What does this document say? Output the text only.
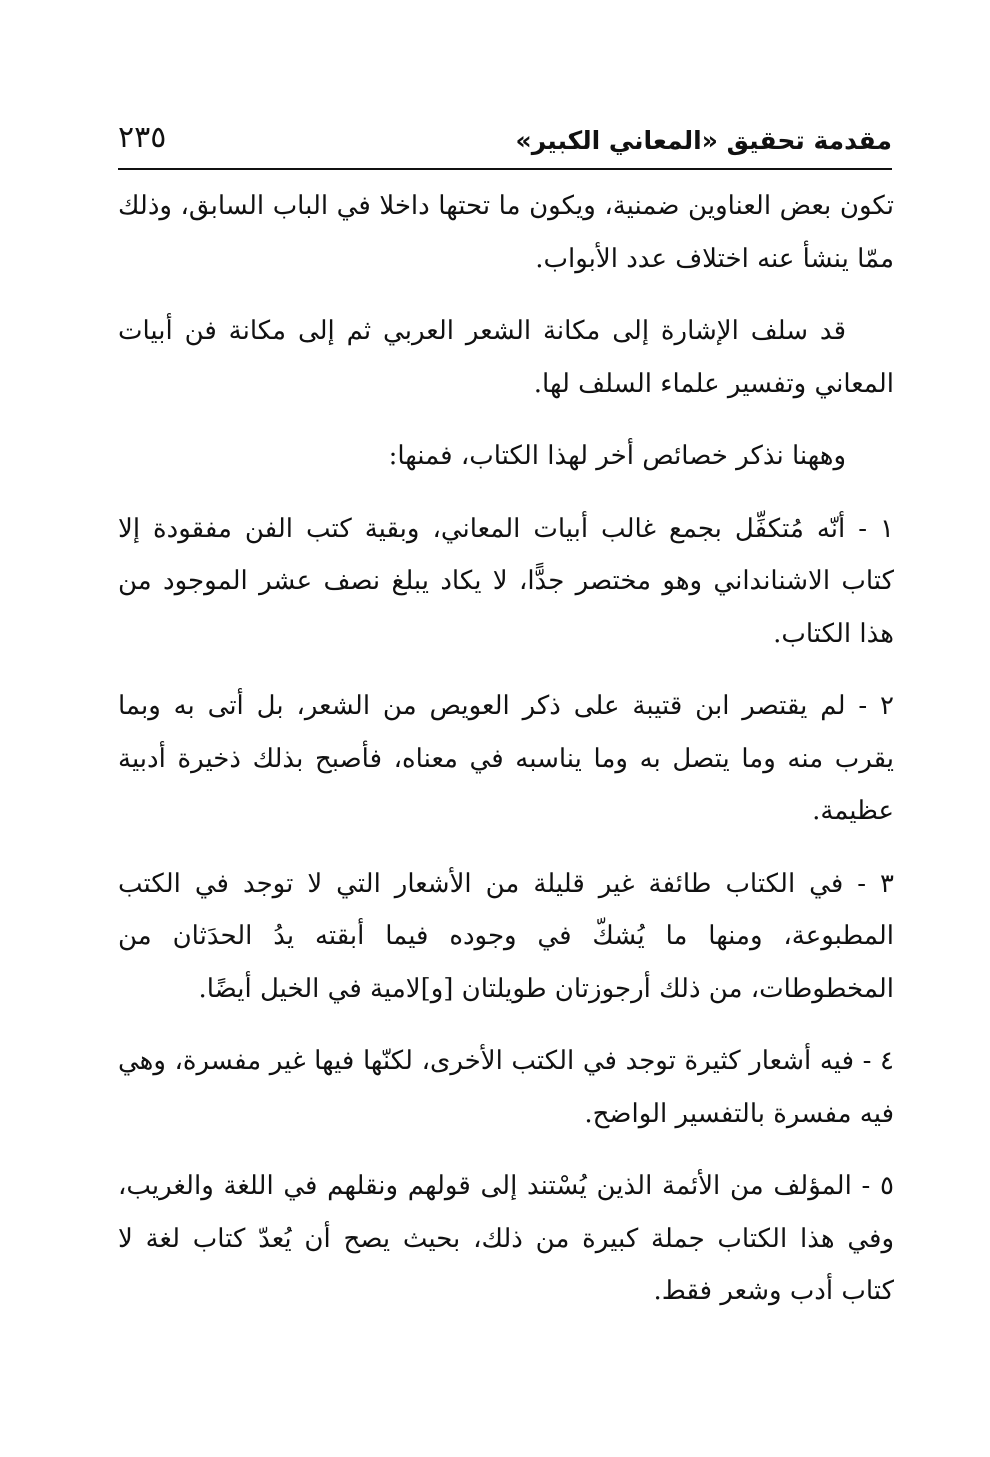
مقدمة تحقيق «المعاني الكبير»
٢٣٥

تكون بعض العناوين ضمنية، ويكون ما تحتها داخلا في الباب السابق، وذلك ممّا ينشأ عنه اختلاف عدد الأبواب.

قد سلف الإشارة إلى مكانة الشعر العربي ثم إلى مكانة فن أبيات المعاني وتفسير علماء السلف لها.

وههنا نذكر خصائص أخر لهذا الكتاب، فمنها:

١ - أنّه مُتكفِّل بجمع غالب أبيات المعاني، وبقية كتب الفن مفقودة إلا كتاب الاشنانداني وهو مختصر جدًّا، لا يكاد يبلغ نصف عشر الموجود من هذا الكتاب.

٢ - لم يقتصر ابن قتيبة على ذكر العويص من الشعر، بل أتى به وبما يقرب منه وما يتصل به وما يناسبه في معناه، فأصبح بذلك ذخيرة أدبية عظيمة.

٣ - في الكتاب طائفة غير قليلة من الأشعار التي لا توجد في الكتب المطبوعة، ومنها ما يُشكّ في وجوده فيما أبقته يدُ الحدَثان من المخطوطات، من ذلك أرجوزتان طويلتان [و]لامية في الخيل أيضًا.

٤ - فيه أشعار كثيرة توجد في الكتب الأخرى، لكنّها فيها غير مفسرة، وهي فيه مفسرة بالتفسير الواضح.

٥ - المؤلف من الأئمة الذين يُسْتند إلى قولهم ونقلهم في اللغة والغريب، وفي هذا الكتاب جملة كبيرة من ذلك، بحيث يصح أن يُعدّ كتاب لغة لا كتاب أدب وشعر فقط.
